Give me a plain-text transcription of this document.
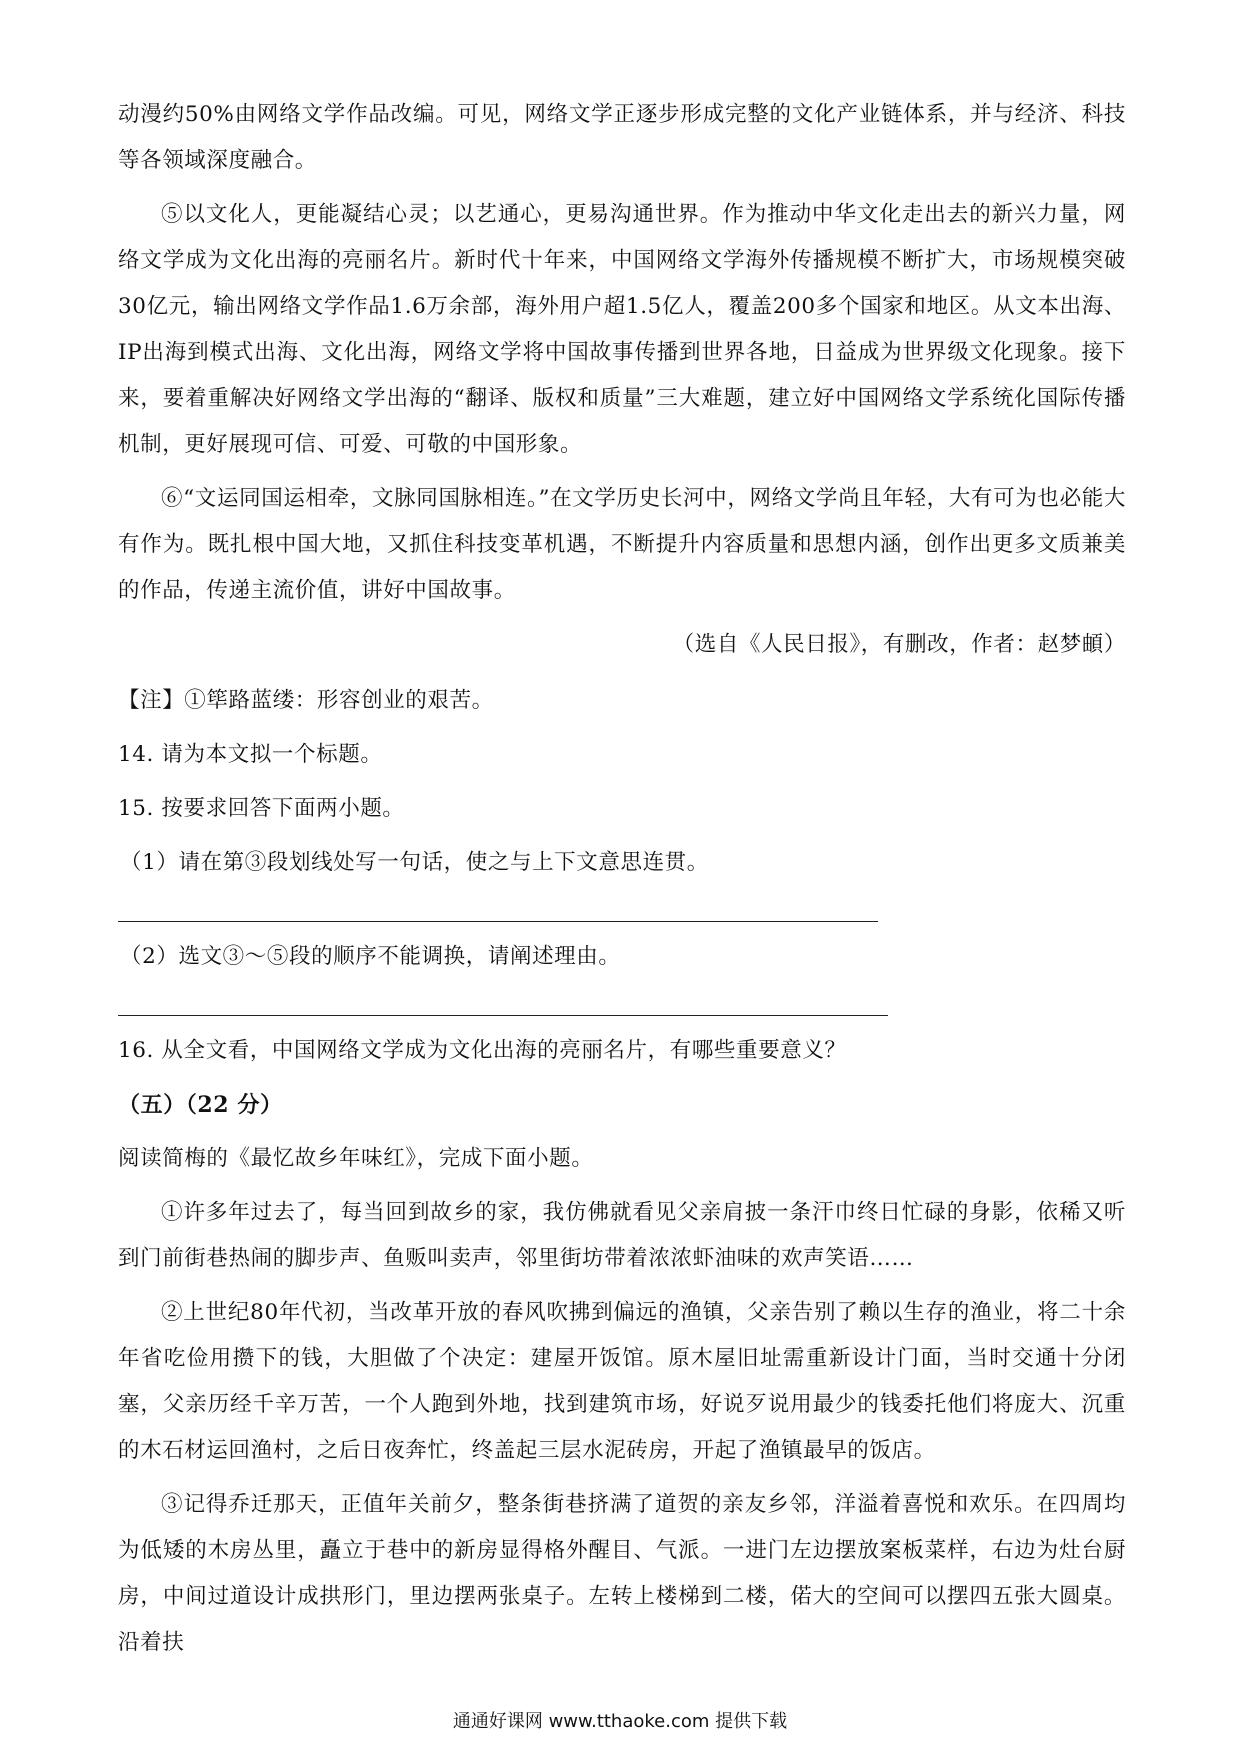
动漫约50%由网络文学作品改编。可见，网络文学正逐步形成完整的文化产业链体系，并与经济、科技等各领域深度融合。

⑤以文化人，更能凝结心灵；以艺通心，更易沟通世界。作为推动中华文化走出去的新兴力量，网络文学成为文化出海的亮丽名片。新时代十年来，中国网络文学海外传播规模不断扩大，市场规模突破30亿元，输出网络文学作品1.6万余部，海外用户超1.5亿人，覆盖200多个国家和地区。从文本出海、IP出海到模式出海、文化出海，网络文学将中国故事传播到世界各地，日益成为世界级文化现象。接下来，要着重解决好网络文学出海的“翻译、版权和质量”三大难题，建立好中国网络文学系统化国际传播机制，更好展现可信、可爱、可敬的中国形象。

⑥“文运同国运相牵，文脉同国脉相连。”在文学历史长河中，网络文学尚且年轻，大有可为也必能大有作为。既扎根中国大地，又抓住科技变革机遇，不断提升内容质量和思想内涵，创作出更多文质兼美的作品，传递主流价值，讲好中国故事。

（选自《人民日报》，有删改，作者：赵梦頔）

【注】①筚路蓝缕：形容创业的艰苦。

14. 请为本文拟一个标题。

15. 按要求回答下面两小题。

（1）请在第③段划线处写一句话，使之与上下文意思连贯。

（2）选文③～⑤段的顺序不能调换，请阐述理由。

16. 从全文看，中国网络文学成为文化出海的亮丽名片，有哪些重要意义？

（五）（22 分）

阅读简梅的《最忆故乡年味红》，完成下面小题。

①许多年过去了，每当回到故乡的家，我仿佛就看见父亲肩披一条汗巾终日忙碌的身影，依稀又听到门前街巷热闹的脚步声、鱼贩叫卖声，邻里街坊带着浓浓虾油味的欢声笑语……

②上世纪80年代初，当改革开放的春风吹拂到偏远的渔镇，父亲告别了赖以生存的渔业，将二十余年省吃俭用攒下的钱，大胆做了个决定：建屋开饭馆。原木屋旧址需重新设计门面，当时交通十分闭塞，父亲历经千辛万苦，一个人跑到外地，找到建筑市场，好说歹说用最少的钱委托他们将庞大、沉重的木石材运回渔村，之后日夜奔忙，终盖起三层水泥砖房，开起了渔镇最早的饭店。

③记得乔迁那天，正值年关前夕，整条街巷挤满了道贺的亲友乡邻，洋溢着喜悦和欢乐。在四周均为低矮的木房丛里，矗立于巷中的新房显得格外醒目、气派。一进门左边摆放案板菜样，右边为灶台厨房，中间过道设计成拱形门，里边摆两张桌子。左转上楼梯到二楼，偌大的空间可以摆四五张大圆桌。沿着扶

通通好课网 www.tthaoke.com 提供下载
